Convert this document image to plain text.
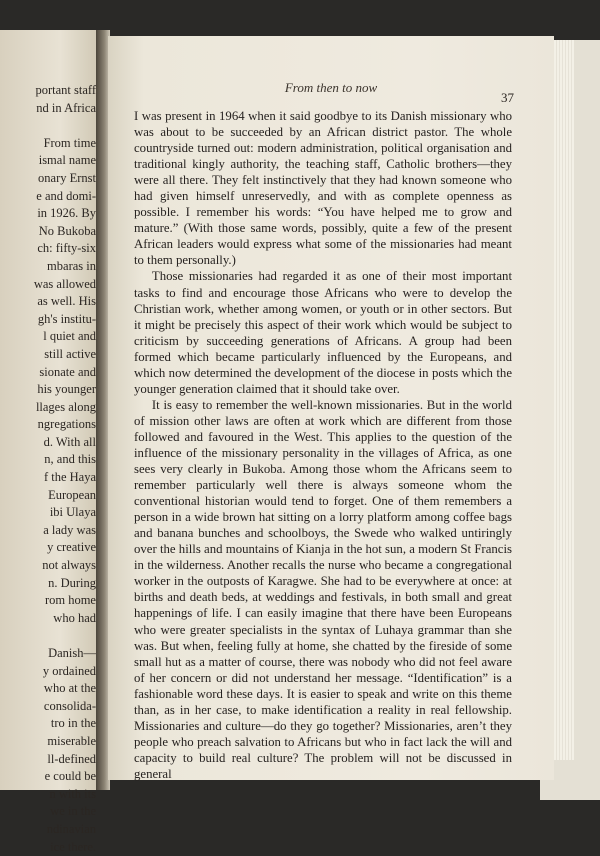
portant staff
nd in Africa

From time
ismal name
onary Ernst
e and domi-
in 1926. By
No Bukoba
ch: fifty-six
mbaras in
was allowed
as well. His
gh's institu-
l quiet and
still active
sionate and
his younger
llages along
ngregations
d. With all
n, and this
f the Haya
European
ibi Ulaya
a lady was
y creative
not always
n. During
rom home
who had

Danish—
y ordained
who at the
consolida-
tro in the
miserable
ll-defined
e could be
n with its
we in the
ndinavian
ice there.
From then to now
37

I was present in 1964 when it said goodbye to its Danish missionary who was about to be succeeded by an African district pastor. The whole countryside turned out: modern administration, political organisation and traditional kingly authority, the teaching staff, Catholic brothers—they were all there. They felt instinctively that they had known someone who had given himself unreservedly, and with as complete openness as possible. I remember his words: “You have helped me to grow and mature.” (With those same words, possibly, quite a few of the present African leaders would express what some of the missionaries had meant to them personally.)

Those missionaries had regarded it as one of their most important tasks to find and encourage those Africans who were to develop the Christian work, whether among women, or youth or in other sectors. But it might be precisely this aspect of their work which would be subject to criticism by succeeding generations of Africans. A group had been formed which became particularly influenced by the Europeans, and which now determined the development of the diocese in posts which the younger generation claimed that it should take over.

It is easy to remember the well-known missionaries. But in the world of mission other laws are often at work which are different from those followed and favoured in the West. This applies to the question of the influence of the missionary personality in the villages of Africa, as one sees very clearly in Bukoba. Among those whom the Africans seem to remember particularly well there is always someone whom the conventional historian would tend to forget. One of them remembers a person in a wide brown hat sitting on a lorry platform among coffee bags and banana bunches and schoolboys, the Swede who walked untiringly over the hills and mountains of Kianja in the hot sun, a modern St Francis in the wilderness. Another recalls the nurse who became a congregational worker in the outposts of Karagwe. She had to be everywhere at once: at births and death beds, at weddings and festivals, in both small and great happenings of life. I can easily imagine that there have been Europeans who were greater specialists in the syntax of Luhaya grammar than she was. But when, feeling fully at home, she chatted by the fireside of some small hut as a matter of course, there was nobody who did not feel aware of her concern or did not understand her message. “Identification” is a fashionable word these days. It is easier to speak and write on this theme than, as in her case, to make identification a reality in real fellowship. Missionaries and culture—do they go together? Missionaries, aren’t they people who preach salvation to Africans but who in fact lack the will and capacity to build real culture? The problem will not be discussed in general
